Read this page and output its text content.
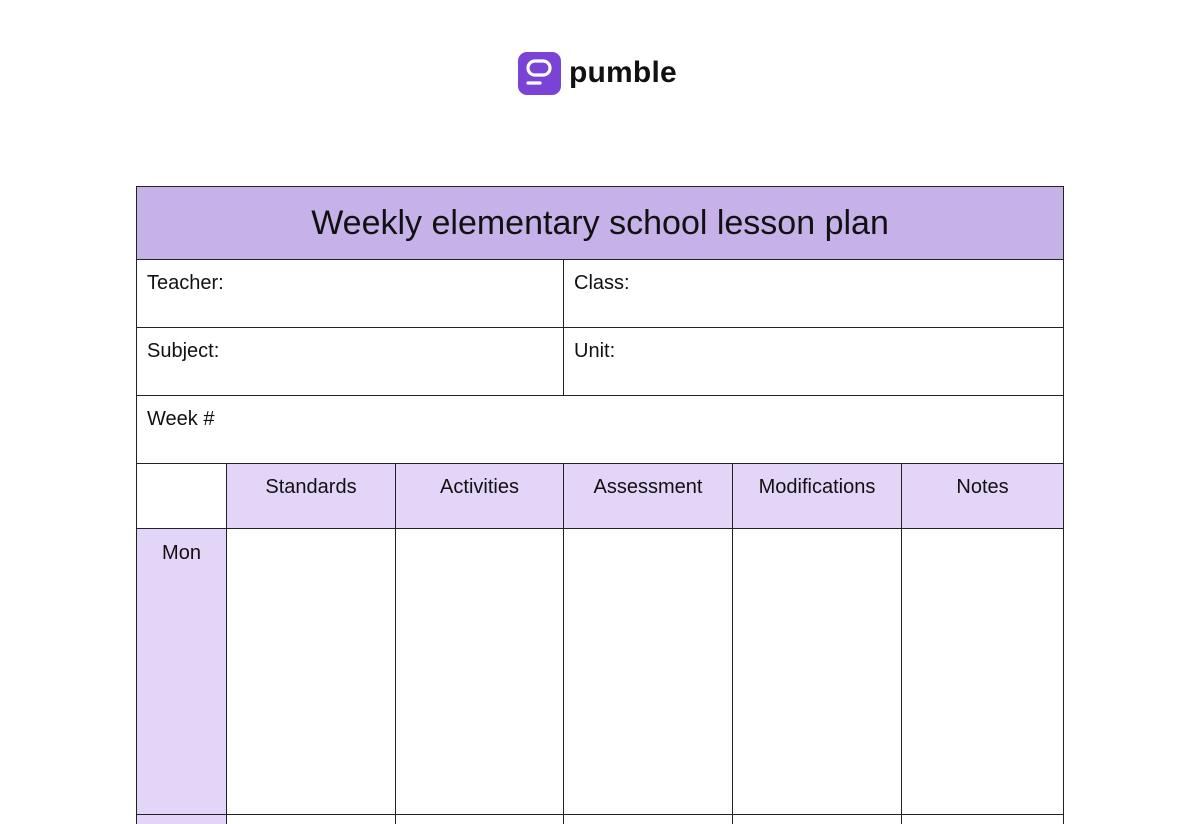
pumble
Weekly elementary school lesson plan					
Teacher:			Class:		
Subject:			Unit:		
Week #					
	Standards	Activities	Assessment	Modifications	Notes
Mon					
